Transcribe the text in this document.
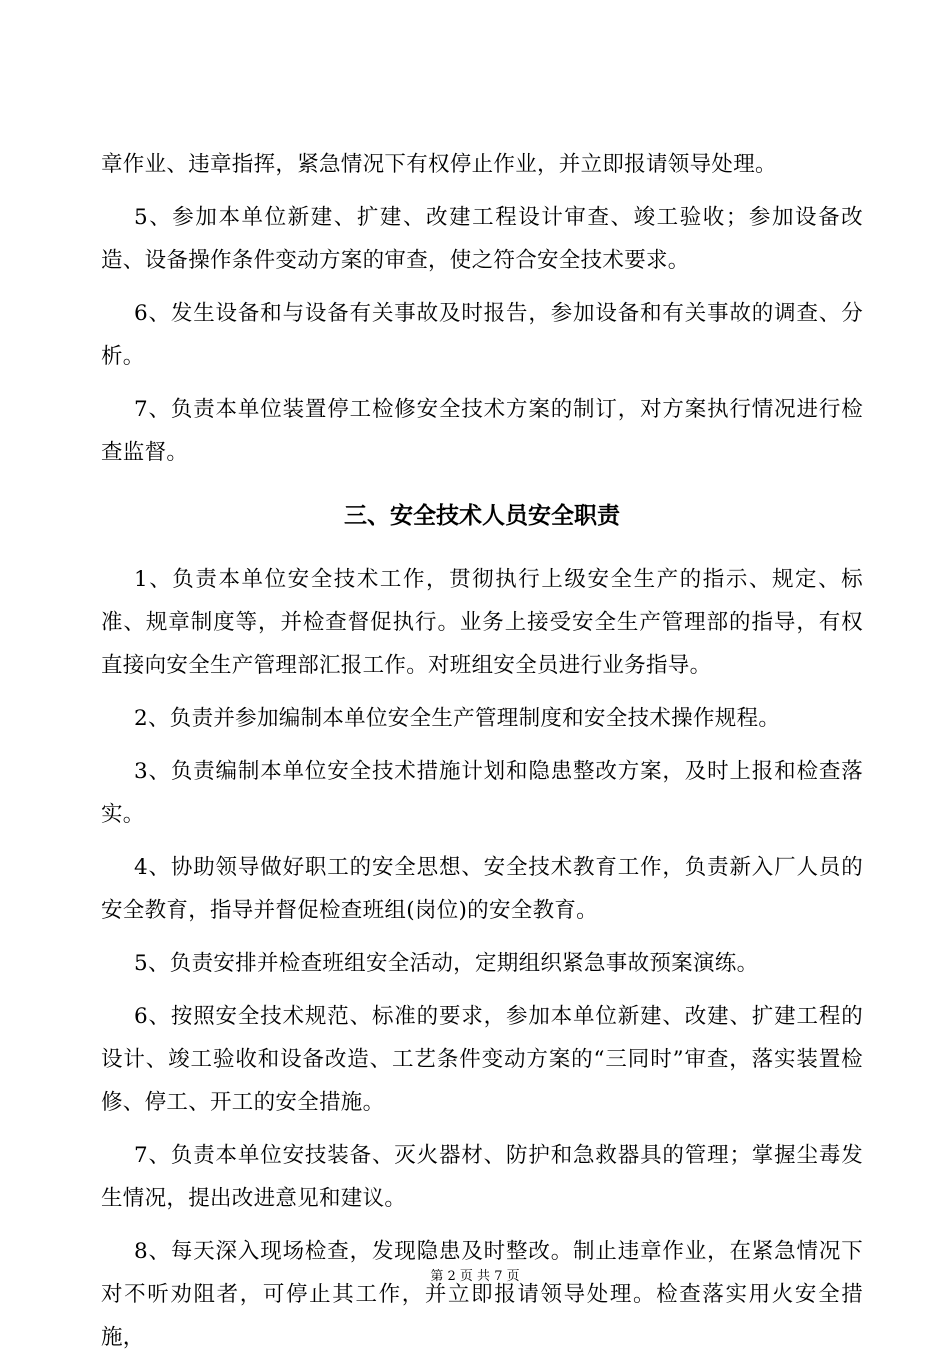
章作业、违章指挥，紧急情况下有权停止作业，并立即报请领导处理。

5、参加本单位新建、扩建、改建工程设计审查、竣工验收；参加设备改造、设备操作条件变动方案的审查，使之符合安全技术要求。

6、发生设备和与设备有关事故及时报告，参加设备和有关事故的调查、分析。

7、负责本单位装置停工检修安全技术方案的制订，对方案执行情况进行检查监督。

三、安全技术人员安全职责

1、负责本单位安全技术工作，贯彻执行上级安全生产的指示、规定、标准、规章制度等，并检查督促执行。业务上接受安全生产管理部的指导，有权直接向安全生产管理部汇报工作。对班组安全员进行业务指导。

2、负责并参加编制本单位安全生产管理制度和安全技术操作规程。

3、负责编制本单位安全技术措施计划和隐患整改方案，及时上报和检查落实。

4、协助领导做好职工的安全思想、安全技术教育工作，负责新入厂人员的安全教育，指导并督促检查班组(岗位)的安全教育。

5、负责安排并检查班组安全活动，定期组织紧急事故预案演练。

6、按照安全技术规范、标准的要求，参加本单位新建、改建、扩建工程的设计、竣工验收和设备改造、工艺条件变动方案的“三同时”审查，落实装置检修、停工、开工的安全措施。

7、负责本单位安技装备、灭火器材、防护和急救器具的管理；掌握尘毒发生情况，提出改进意见和建议。

8、每天深入现场检查，发现隐患及时整改。制止违章作业，在紧急情况下对不听劝阻者，可停止其工作，并立即报请领导处理。检查落实用火安全措施，

第 2 页 共 7 页
